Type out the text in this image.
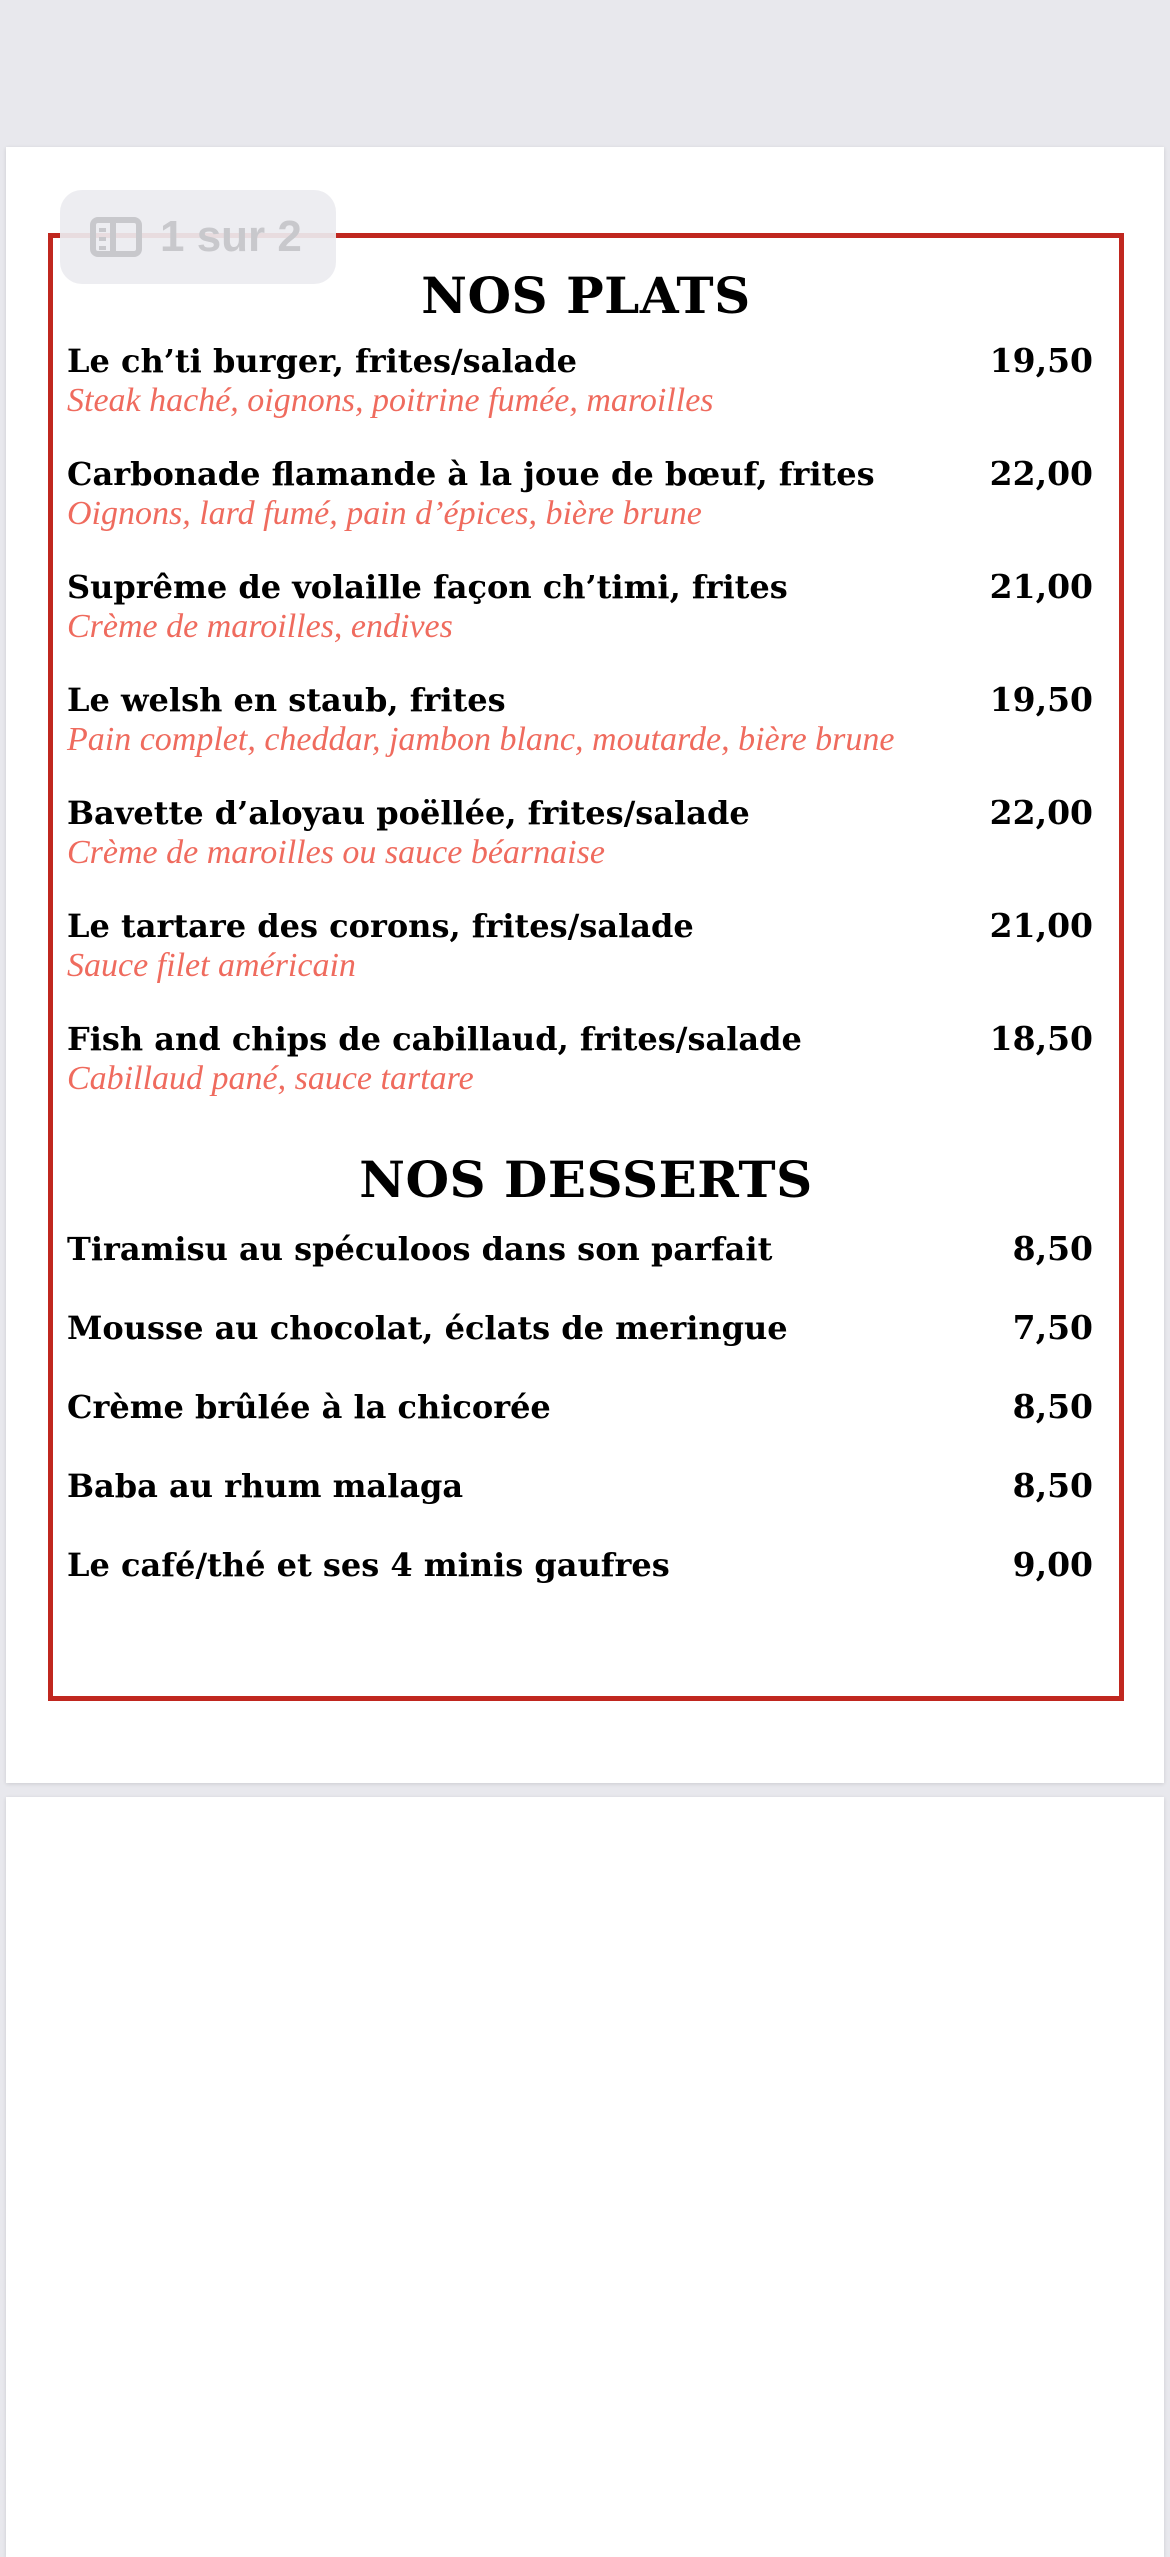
1 sur 2
NOS PLATS
Le ch’ti burger, frites/salade	19,50
Steak haché, oignons, poitrine fumée, maroilles
Carbonade flamande à la joue de bœuf, frites	22,00
Oignons, lard fumé, pain d’épices, bière brune
Suprême de volaille façon ch’timi, frites	21,00
Crème de maroilles, endives
Le welsh en staub, frites	19,50
Pain complet, cheddar, jambon blanc, moutarde, bière brune
Bavette d’aloyau poëllée, frites/salade	22,00
Crème de maroilles ou sauce béarnaise
Le tartare des corons, frites/salade	21,00
Sauce filet américain
Fish and chips de cabillaud, frites/salade	18,50
Cabillaud pané, sauce tartare
NOS DESSERTS
Tiramisu au spéculoos dans son parfait	8,50
Mousse au chocolat, éclats de meringue	7,50
Crème brûlée à la chicorée	8,50
Baba au rhum malaga	8,50
Le café/thé et ses 4 minis gaufres	9,00
